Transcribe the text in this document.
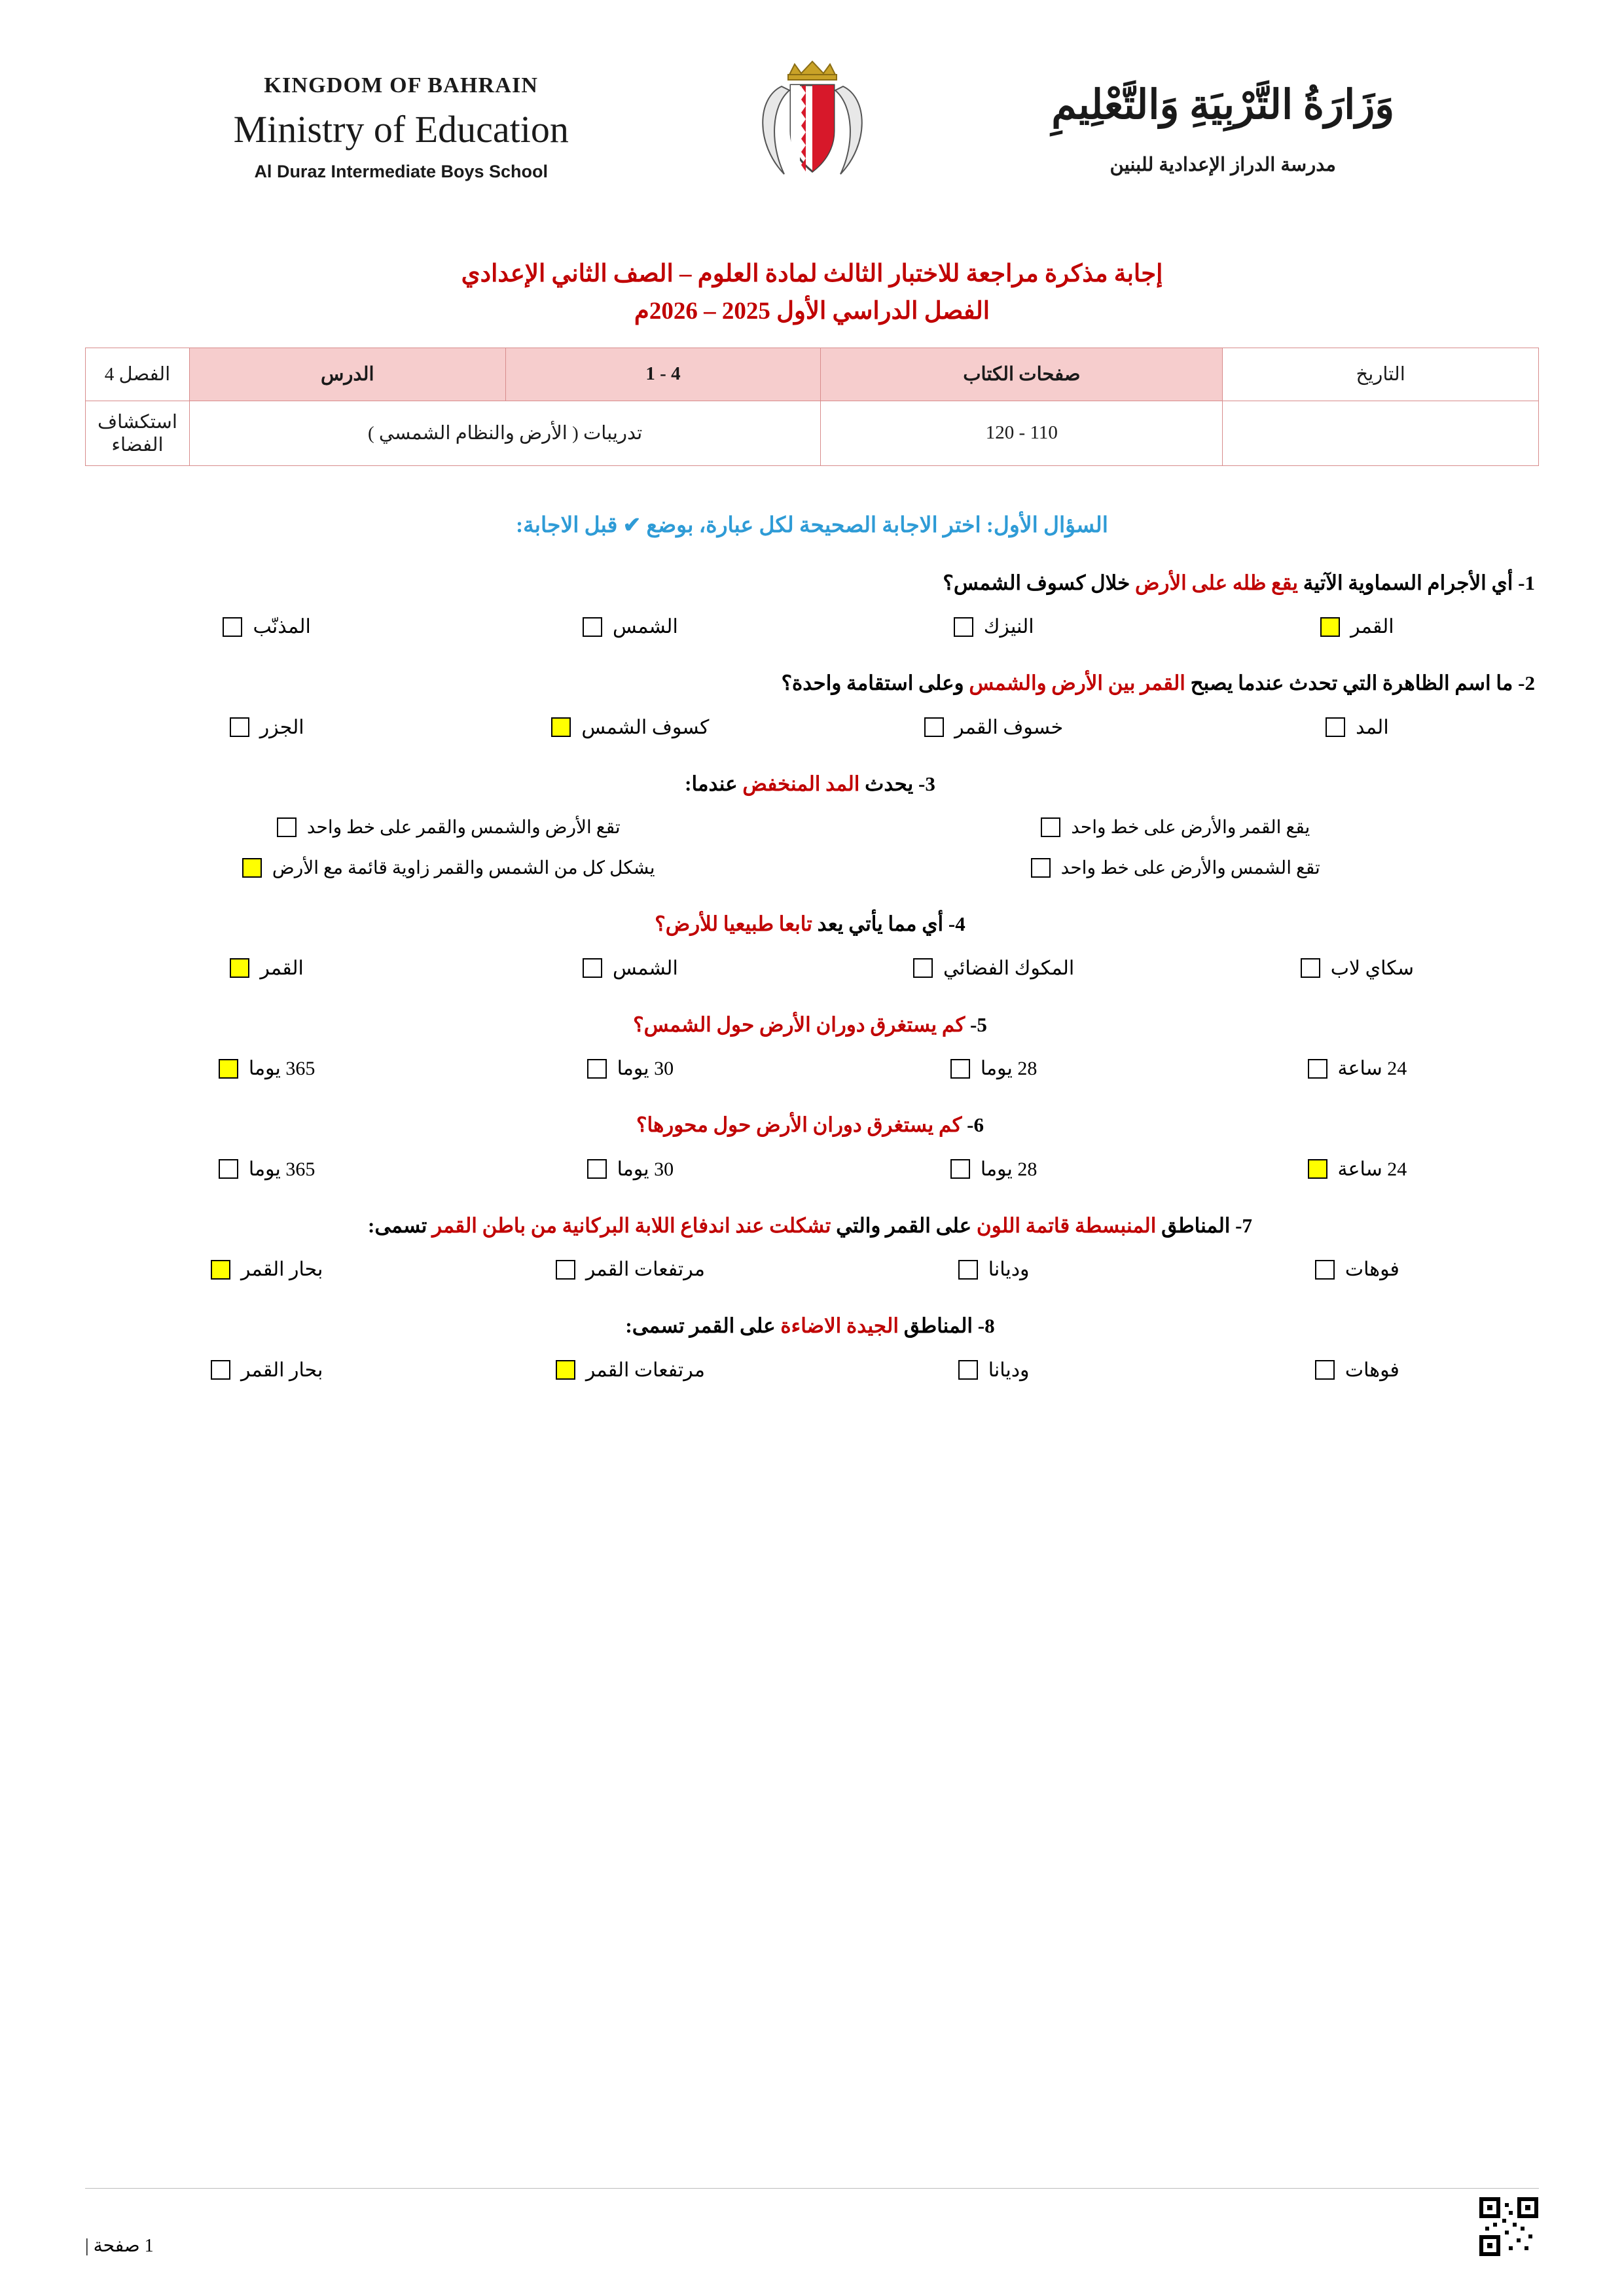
وَزَارَةُ التَّرْبِيَةِ وَالتَّعْلِيمِ
مدرسة الدراز الإعدادية للبنين
KINGDOM OF BAHRAIN
Ministry of Education
Al Duraz Intermediate Boys School
إجابة مذكرة مراجعة للاختبار الثالث لمادة العلوم – الصف الثاني الإعدادي
الفصل الدراسي الأول 2025 – 2026م
التاريخ	صفحات الكتاب	4 - 1	الدرس	الفصل 4
	110 - 120	تدريبات ( الأرض والنظام الشمسي )		استكشاف الفضاء
السؤال الأول: اختر الاجابة الصحيحة لكل عبارة، بوضع ✔ قبل الاجابة:
1- أي الأجرام السماوية الآتية يقع ظله على الأرض خلال كسوف الشمس؟
القمر
النيزك
الشمس
المذنّب
2- ما اسم الظاهرة التي تحدث عندما يصبح القمر بين الأرض والشمس وعلى استقامة واحدة؟
المد
خسوف القمر
كسوف الشمس
الجزر
3- يحدث المد المنخفض عندما:
يقع القمر والأرض على خط واحد
تقع الأرض والشمس والقمر على خط واحد
تقع الشمس والأرض على خط واحد
يشكل كل من الشمس والقمر زاوية قائمة مع الأرض
4- أي مما يأتي يعد تابعا طبيعيا للأرض؟
سكاي لاب
المكوك الفضائي
الشمس
القمر
5- كم يستغرق دوران الأرض حول الشمس؟
24 ساعة
28 يوما
30 يوما
365 يوما
6- كم يستغرق دوران الأرض حول محورها؟
24 ساعة
28 يوما
30 يوما
365 يوما
7- المناطق المنبسطة قاتمة اللون على القمر والتي تشكلت عند اندفاع اللابة البركانية من باطن القمر تسمى:
فوهات
وديانا
مرتفعات القمر
بحار القمر
8- المناطق الجيدة الاضاءة على القمر تسمى:
فوهات
وديانا
مرتفعات القمر
بحار القمر
1 صفحة |
